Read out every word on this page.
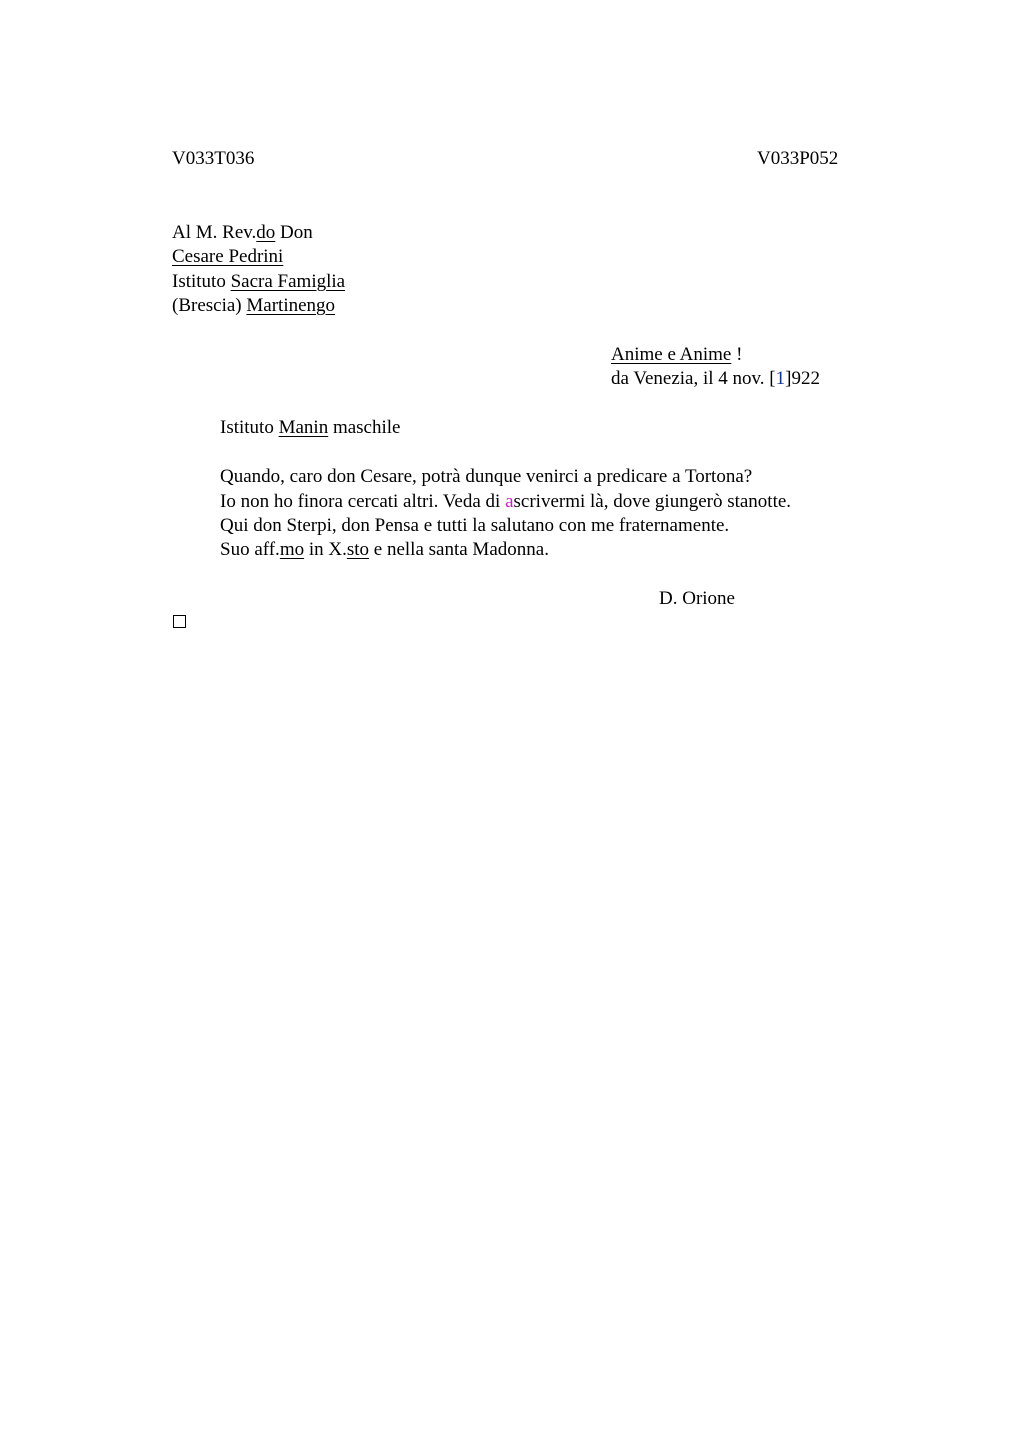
V033T036	V033P052
Al M. Rev.do Don
Cesare Pedrini
Istituto Sacra Famiglia
(Brescia) Martinengo
Anime e Anime !
da Venezia, il 4 nov. [1]922
Istituto Manin maschile
Quando, caro don Cesare, potrà dunque venirci a predicare a Tortona?
Io non ho finora cercati altri. Veda di ascrivermi là, dove giungerò stanotte.
Qui don Sterpi, don Pensa e tutti la salutano con me fraternamente.
Suo aff.mo in X.sto e nella santa Madonna.
D. Orione
